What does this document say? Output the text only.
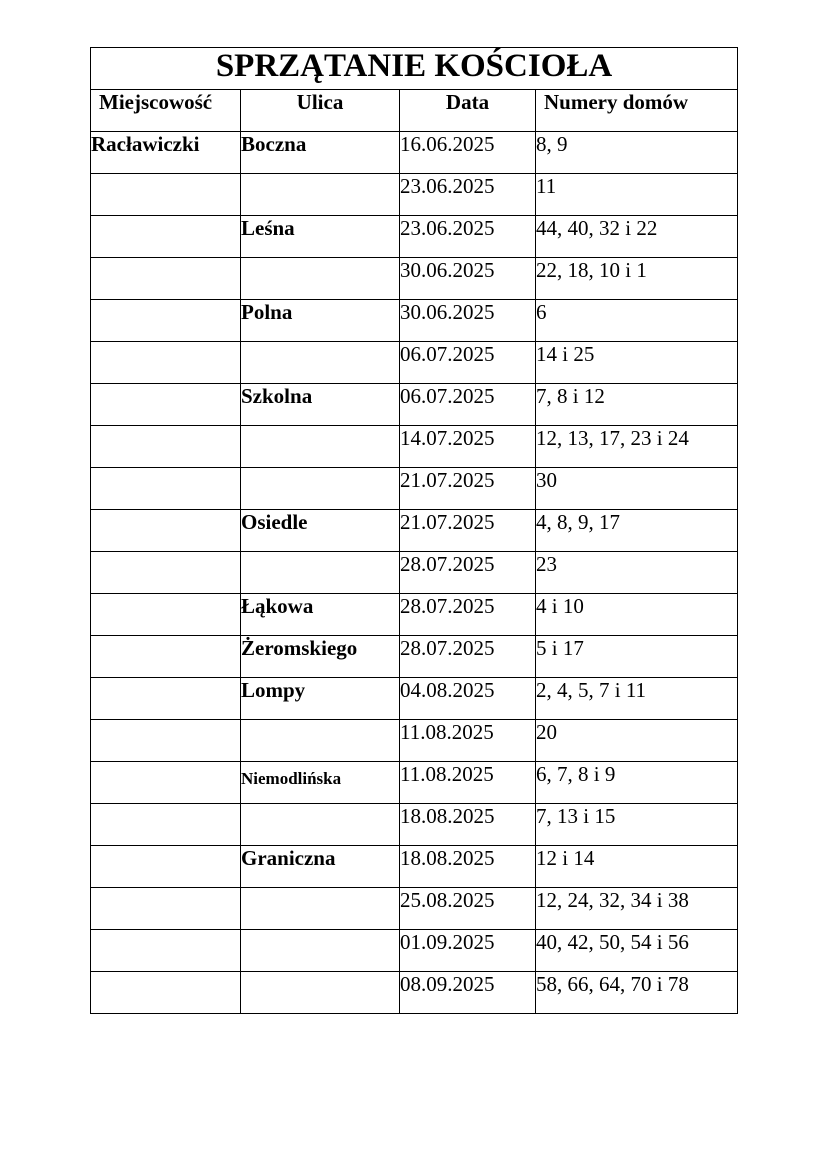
SPRZĄTANIE KOŚCIOŁA			
Miejscowość	Ulica	Data	Numery domów
Racławiczki	Boczna	16.06.2025	8, 9
		23.06.2025	11
	Leśna	23.06.2025	44, 40, 32 i 22
		30.06.2025	22, 18, 10 i 1
	Polna	30.06.2025	6
		06.07.2025	14 i 25
	Szkolna	06.07.2025	7, 8 i 12
		14.07.2025	12, 13, 17, 23 i 24
		21.07.2025	30
	Osiedle	21.07.2025	4, 8, 9, 17
		28.07.2025	23
	Łąkowa	28.07.2025	4 i 10
	Żeromskiego	28.07.2025	5 i 17
	Lompy	04.08.2025	2, 4, 5, 7 i 11
		11.08.2025	20
	Niemodlińska	11.08.2025	6, 7, 8 i 9
		18.08.2025	7, 13 i 15
	Graniczna	18.08.2025	12 i 14
		25.08.2025	12, 24, 32, 34 i 38
		01.09.2025	40, 42, 50, 54 i 56
		08.09.2025	58, 66, 64, 70 i 78
